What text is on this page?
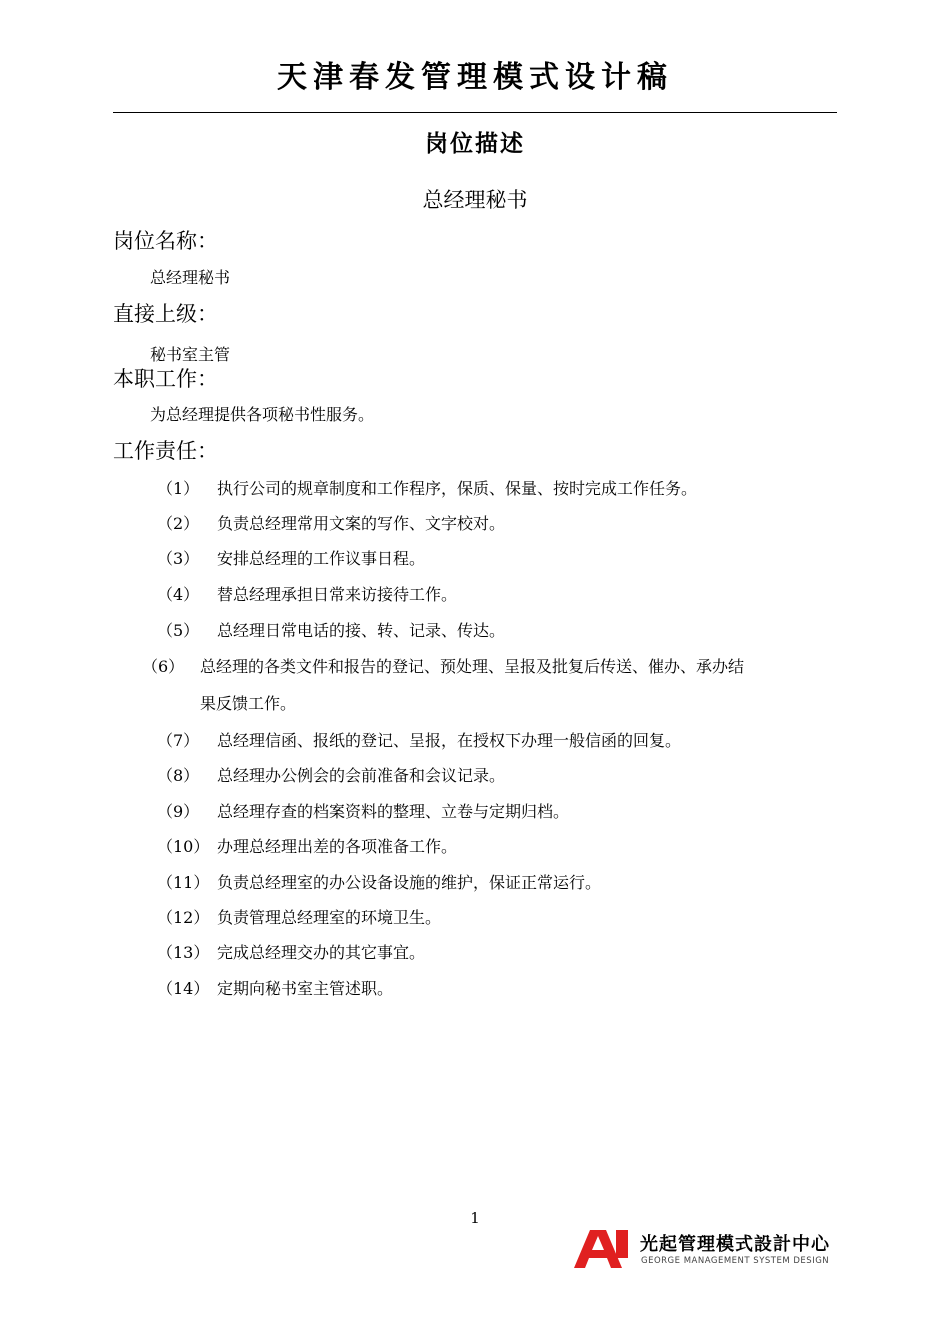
天津春发管理模式设计稿
岗位描述
总经理秘书
岗位名称：
总经理秘书
直接上级：
秘书室主管
本职工作：
为总经理提供各项秘书性服务。
工作责任：
（1） 执行公司的规章制度和工作程序，保质、保量、按时完成工作任务。
（2） 负责总经理常用文案的写作、文字校对。
（3） 安排总经理的工作议事日程。
（4） 替总经理承担日常来访接待工作。
（5） 总经理日常电话的接、转、记录、传达。
（6） 总经理的各类文件和报告的登记、预处理、呈报及批复后传送、催办、承办结
果反馈工作。
（7） 总经理信函、报纸的登记、呈报，在授权下办理一般信函的回复。
（8） 总经理办公例会的会前准备和会议记录。
（9） 总经理存查的档案资料的整理、立卷与定期归档。
（10） 办理总经理出差的各项准备工作。
（11） 负责总经理室的办公设备设施的维护，保证正常运行。
（12） 负责管理总经理室的环境卫生。
（13） 完成总经理交办的其它事宜。
（14） 定期向秘书室主管述职。
1
光起管理模式設計中心
GEORGE MANAGEMENT SYSTEM DESIGN
